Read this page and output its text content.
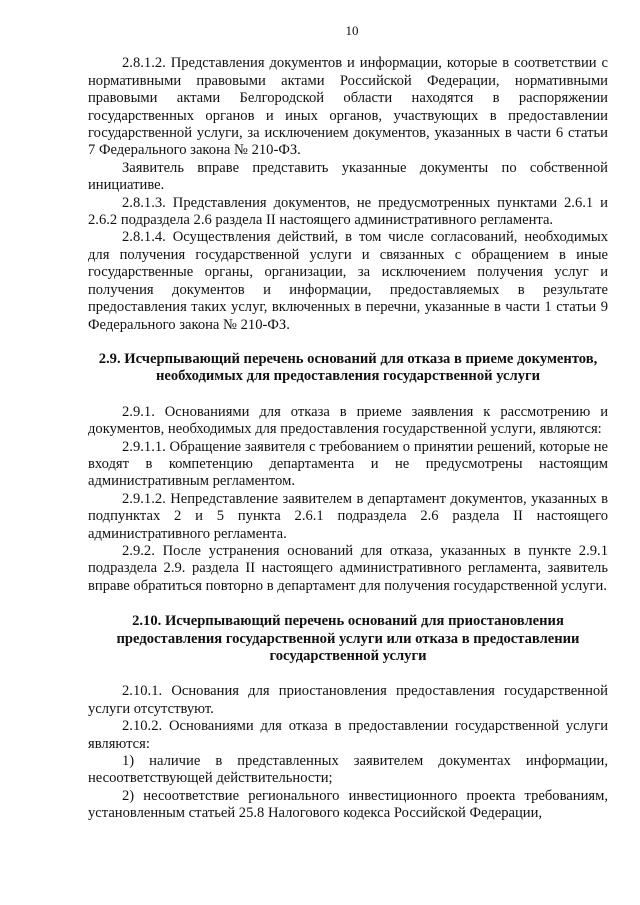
10

2.8.1.2. Представления документов и информации, которые в соответствии с нормативными правовыми актами Российской Федерации, нормативными правовыми актами Белгородской области находятся в распоряжении государственных органов и иных органов, участвующих в предоставлении государственной услуги, за исключением документов, указанных в части 6 статьи 7 Федерального закона № 210-ФЗ.

Заявитель вправе представить указанные документы по собственной инициативе.

2.8.1.3. Представления документов, не предусмотренных пунктами 2.6.1 и 2.6.2 подраздела 2.6 раздела II настоящего административного регламента.

2.8.1.4. Осуществления действий, в том числе согласований, необходимых для получения государственной услуги и связанных с обращением в иные государственные органы, организации, за исключением получения услуг и получения документов и информации, предоставляемых в результате предоставления таких услуг, включенных в перечни, указанные в части 1 статьи 9 Федерального закона № 210-ФЗ.

2.9. Исчерпывающий перечень оснований для отказа в приеме документов, необходимых для предоставления государственной услуги

2.9.1. Основаниями для отказа в приеме заявления к рассмотрению и документов, необходимых для предоставления государственной услуги, являются:

2.9.1.1. Обращение заявителя с требованием о принятии решений, которые не входят в компетенцию департамента и не предусмотрены настоящим административным регламентом.

2.9.1.2. Непредставление заявителем в департамент документов, указанных в подпунктах 2 и 5 пункта 2.6.1 подраздела 2.6 раздела II настоящего административного регламента.

2.9.2. После устранения оснований для отказа, указанных в пункте 2.9.1 подраздела 2.9. раздела II настоящего административного регламента, заявитель вправе обратиться повторно в департамент для получения государственной услуги.

2.10. Исчерпывающий перечень оснований для приостановления предоставления государственной услуги или отказа в предоставлении государственной услуги

2.10.1. Основания для приостановления предоставления государственной услуги отсутствуют.

2.10.2. Основаниями для отказа в предоставлении государственной услуги являются:

1) наличие в представленных заявителем документах информации, несоответствующей действительности;

2) несоответствие регионального инвестиционного проекта требованиям, установленным статьей 25.8 Налогового кодекса Российской Федерации,
